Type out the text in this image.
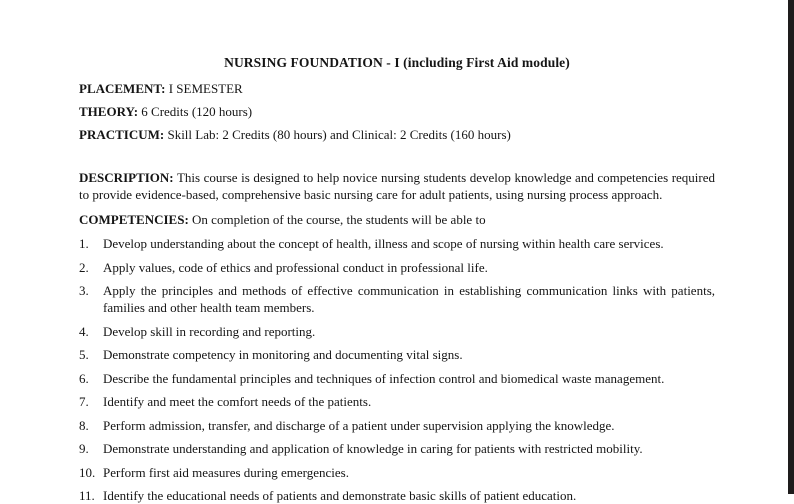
NURSING FOUNDATION - I (including First Aid module)
PLACEMENT: I SEMESTER
THEORY: 6 Credits (120 hours)
PRACTICUM: Skill Lab: 2 Credits (80 hours) and Clinical: 2 Credits (160 hours)

DESCRIPTION: This course is designed to help novice nursing students develop knowledge and competencies required to provide evidence-based, comprehensive basic nursing care for adult patients, using nursing process approach.

COMPETENCIES: On completion of the course, the students will be able to

1.	Develop understanding about the concept of health, illness and scope of nursing within health care services.
2.	Apply values, code of ethics and professional conduct in professional life.
3.	Apply the principles and methods of effective communication in establishing communication links with patients, families and other health team members.
4.	Develop skill in recording and reporting.
5.	Demonstrate competency in monitoring and documenting vital signs.
6.	Describe the fundamental principles and techniques of infection control and biomedical waste management.
7.	Identify and meet the comfort needs of the patients.
8.	Perform admission, transfer, and discharge of a patient under supervision applying the knowledge.
9.	Demonstrate understanding and application of knowledge in caring for patients with restricted mobility.
10. Perform first aid measures during emergencies.
11. Identify the educational needs of patients and demonstrate basic skills of patient education.
